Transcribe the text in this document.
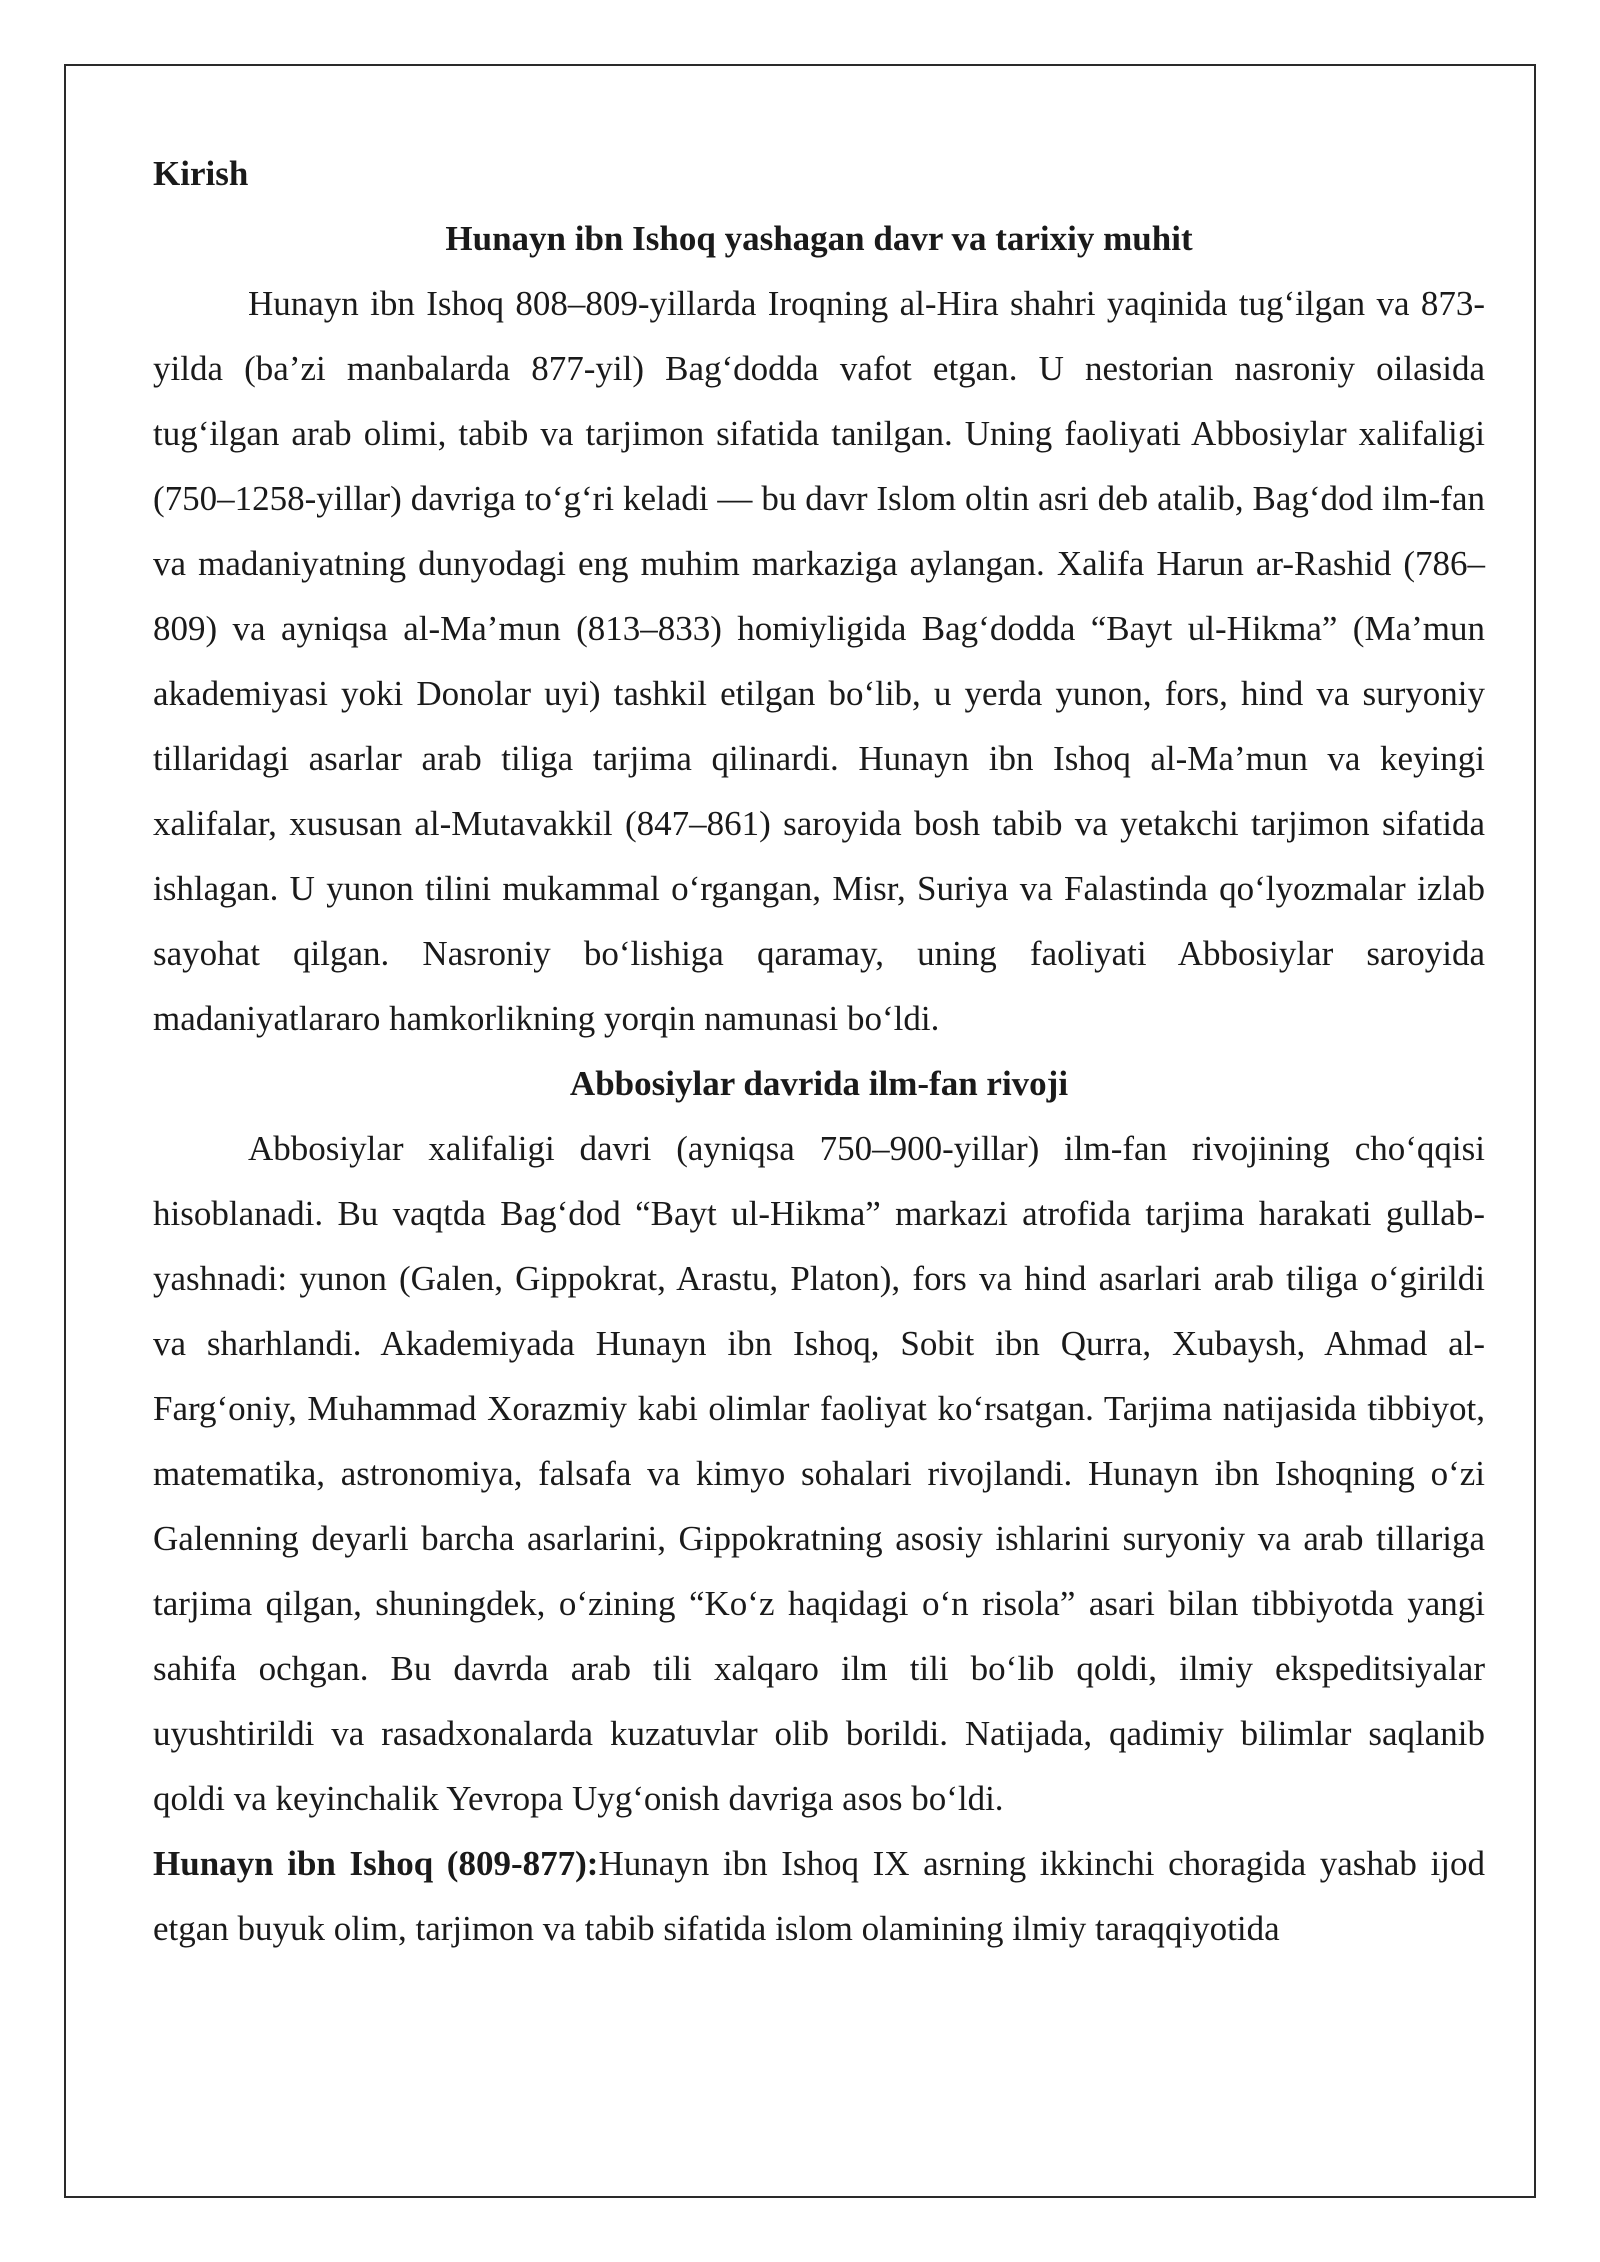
Kirish
Hunayn ibn Ishoq yashagan davr va tarixiy muhit

Hunayn ibn Ishoq 808–809-yillarda Iroqning al-Hira shahri yaqinida tug‘ilgan va 873-yilda (ba’zi manbalarda 877-yil) Bag‘dodda vafot etgan. U nestorian nasroniy oilasida tug‘ilgan arab olimi, tabib va tarjimon sifatida tanilgan. Uning faoliyati Abbosiylar xalifaligi (750–1258-yillar) davriga to‘g‘ri keladi — bu davr Islom oltin asri deb atalib, Bag‘dod ilm-fan va madaniyatning dunyodagi eng muhim markaziga aylangan. Xalifa Harun ar-Rashid (786–809) va ayniqsa al-Ma’mun (813–833) homiyligida Bag‘dodda “Bayt ul-Hikma” (Ma’mun akademiyasi yoki Donolar uyi) tashkil etilgan bo‘lib, u yerda yunon, fors, hind va suryoniy tillaridagi asarlar arab tiliga tarjima qilinardi. Hunayn ibn Ishoq al-Ma’mun va keyingi xalifalar, xususan al-Mutavakkil (847–861) saroyida bosh tabib va yetakchi tarjimon sifatida ishlagan. U yunon tilini mukammal o‘rgangan, Misr, Suriya va Falastinda qo‘lyozmalar izlab sayohat qilgan. Nasroniy bo‘lishiga qaramay, uning faoliyati Abbosiylar saroyida madaniyatlararo hamkorlikning yorqin namunasi bo‘ldi.

Abbosiylar davrida ilm-fan rivoji

Abbosiylar xalifaligi davri (ayniqsa 750–900-yillar) ilm-fan rivojining cho‘qqisi hisoblanadi. Bu vaqtda Bag‘dod “Bayt ul-Hikma” markazi atrofida tarjima harakati gullab-yashnadi: yunon (Galen, Gippokrat, Arastu, Platon), fors va hind asarlari arab tiliga o‘girildi va sharhlandi. Akademiyada Hunayn ibn Ishoq, Sobit ibn Qurra, Xubaysh, Ahmad al-Farg‘oniy, Muhammad Xorazmiy kabi olimlar faoliyat ko‘rsatgan. Tarjima natijasida tibbiyot, matematika, astronomiya, falsafa va kimyo sohalari rivojlandi. Hunayn ibn Ishoqning o‘zi Galenning deyarli barcha asarlarini, Gippokratning asosiy ishlarini suryoniy va arab tillariga tarjima qilgan, shuningdek, o‘zining “Ko‘z haqidagi o‘n risola” asari bilan tibbiyotda yangi sahifa ochgan. Bu davrda arab tili xalqaro ilm tili bo‘lib qoldi, ilmiy ekspeditsiyalar uyushtirildi va rasadxonalarda kuzatuvlar olib borildi. Natijada, qadimiy bilimlar saqlanib qoldi va keyinchalik Yevropa Uyg‘onish davriga asos bo‘ldi.

Hunayn ibn Ishoq (809-877):Hunayn ibn Ishoq IX asrning ikkinchi choragida yashab ijod etgan buyuk olim, tarjimon va tabib sifatida islom olamining ilmiy taraqqiyotida
